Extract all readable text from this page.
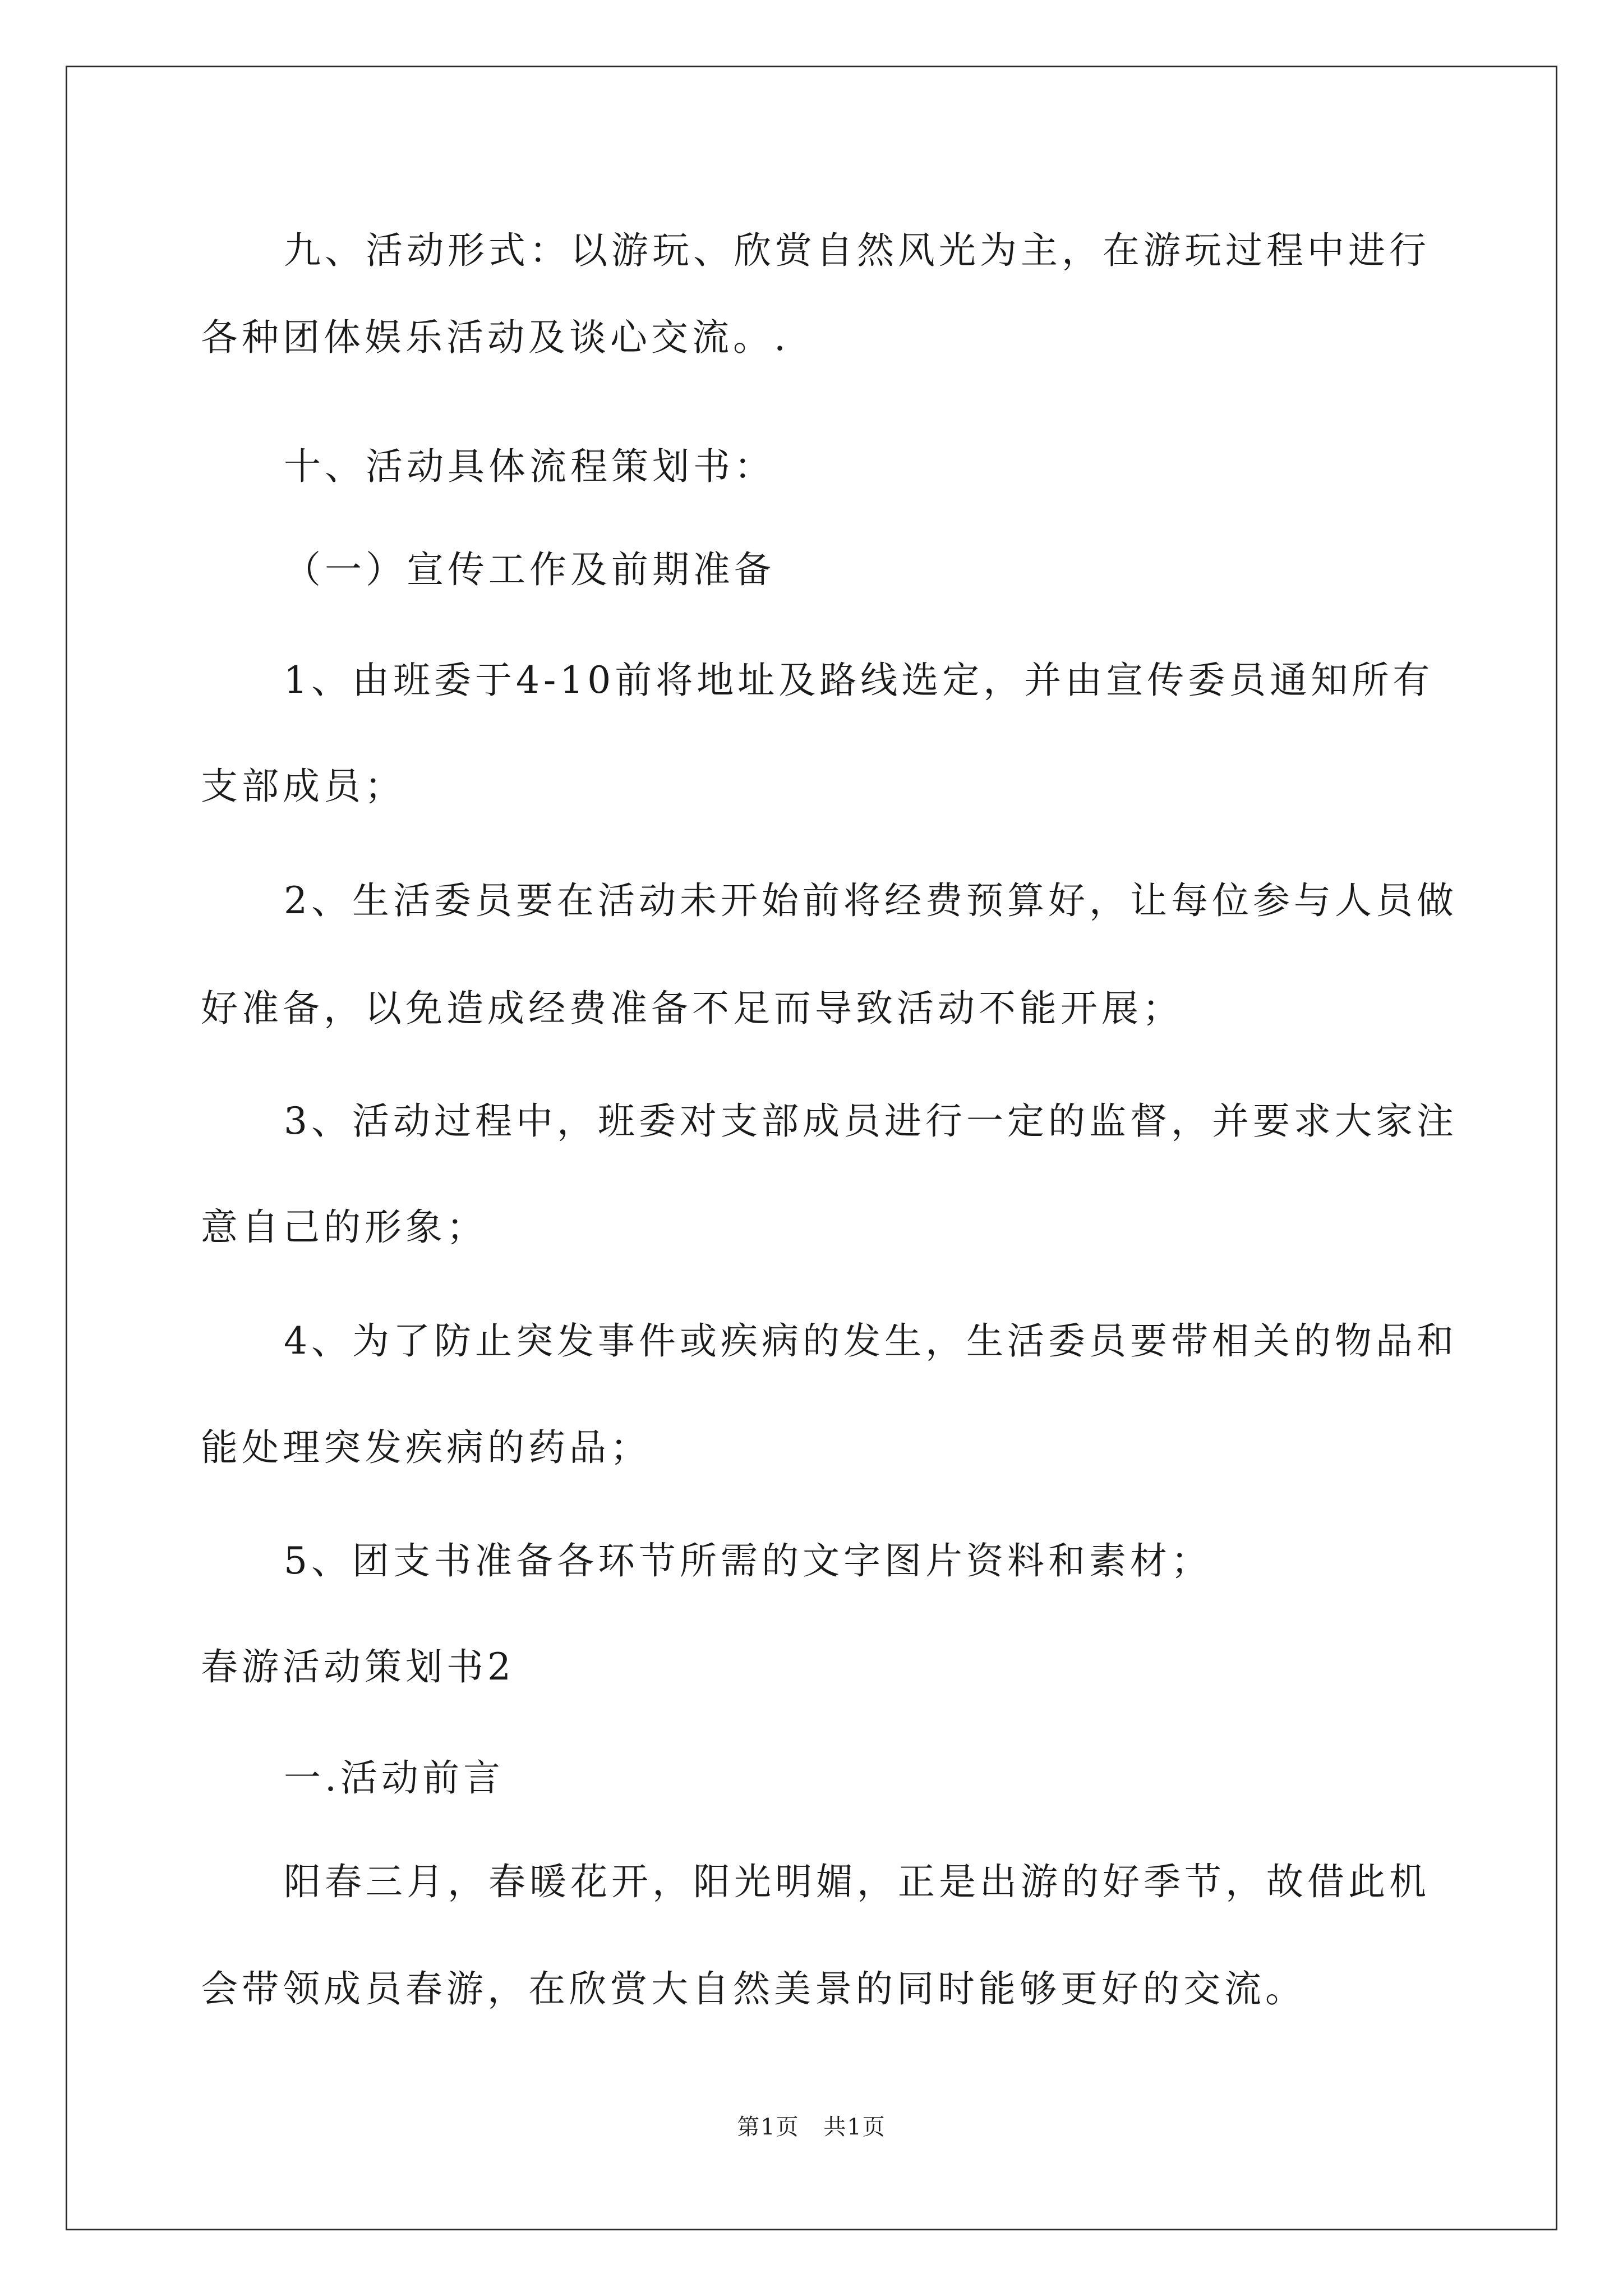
九、活动形式：以游玩、欣赏自然风光为主，在游玩过程中进行
各种团体娱乐活动及谈心交流。.
十、活动具体流程策划书：
（一）宣传工作及前期准备
1、由班委于4-10前将地址及路线选定，并由宣传委员通知所有
支部成员；
2、生活委员要在活动未开始前将经费预算好，让每位参与人员做
好准备，以免造成经费准备不足而导致活动不能开展；
3、活动过程中，班委对支部成员进行一定的监督，并要求大家注
意自己的形象；
4、为了防止突发事件或疾病的发生，生活委员要带相关的物品和
能处理突发疾病的药品；
5、团支书准备各环节所需的文字图片资料和素材；
春游活动策划书2
一.活动前言
阳春三月，春暖花开，阳光明媚，正是出游的好季节，故借此机
会带领成员春游，在欣赏大自然美景的同时能够更好的交流。
第1页 共1页
